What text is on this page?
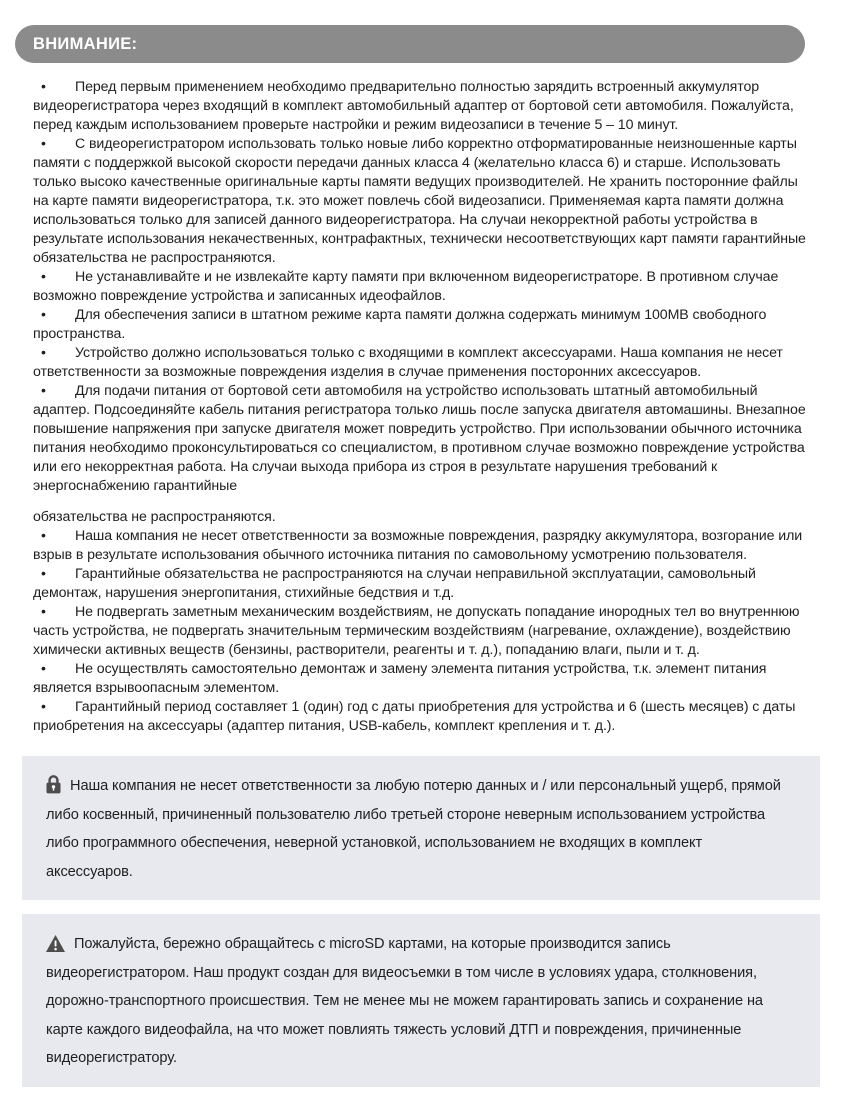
ВНИМАНИЕ:

• Перед первым применением необходимо предварительно полностью зарядить встроенный аккумулятор видеорегистратора через входящий в комплект автомобильный адаптер от бортовой сети автомобиля. Пожалуйста, перед каждым использованием проверьте настройки и режим видеозаписи в течение 5 – 10 минут.

• С видеорегистратором использовать только новые либо корректно отформатированные неизношенные карты памяти с поддержкой высокой скорости передачи данных класса 4 (желательно класса 6) и старше. Использовать только высоко качественные оригинальные карты памяти ведущих производителей. Не хранить посторонние файлы на карте памяти видеорегистратора, т.к. это может повлечь сбой видеозаписи. Применяемая карта памяти должна использоваться только для записей данного видеорегистратора. На случаи некорректной работы устройства в результате использования некачественных, контрафактных, технически несоответствующих карт памяти гарантийные обязательства не распространяются.

• Не устанавливайте и не извлекайте карту памяти при включенном видеорегистраторе. В противном случае возможно повреждение устройства и записанных идеофайлов.

• Для обеспечения записи в штатном режиме карта памяти должна содержать минимум 100MB свободного пространства.

• Устройство должно использоваться только с входящими в комплект аксессуарами. Наша компания не несет ответственности за возможные повреждения изделия в случае применения посторонних аксессуаров.

• Для подачи питания от бортовой сети автомобиля на устройство использовать штатный автомобильный адаптер. Подсоединяйте кабель питания регистратора только лишь после запуска двигателя автомашины. Внезапное повышение напряжения при запуске двигателя может повредить устройство. При использовании обычного источника питания необходимо проконсультироваться со специалистом, в противном случае возможно повреждение устройства или его некорректная работа. На случаи выхода прибора из строя в результате нарушения требований к энергоснабжению гарантийные

обязательства не распространяются.

• Наша компания не несет ответственности за возможные повреждения, разрядку аккумулятора, возгорание или взрыв в результате использования обычного источника питания по самовольному усмотрению пользователя.

• Гарантийные обязательства не распространяются на случаи неправильной эксплуатации, самовольный демонтаж, нарушения энергопитания, стихийные бедствия и т.д.

• Не подвергать заметным механическим воздействиям, не допускать попадание инородных тел во внутреннюю часть устройства, не подвергать значительным термическим воздействиям (нагревание, охлаждение), воздействию химически активных веществ (бензины, растворители, реагенты и т. д.), попаданию влаги, пыли и т. д.

• Не осуществлять самостоятельно демонтаж и замену элемента питания устройства, т.к. элемент питания является взрывоопасным элементом.

• Гарантийный период составляет 1 (один) год с даты приобретения для устройства и 6 (шесть месяцев) с даты приобретения на аксессуары (адаптер питания, USB-кабель, комплект крепления и т. д.).

Наша компания не несет ответственности за любую потерю данных и / или персональный ущерб, прямой либо косвенный, причиненный пользователю либо третьей стороне неверным использованием устройства либо программного обеспечения, неверной установкой, использованием не входящих в комплект аксессуаров.
Пожалуйста, бережно обращайтесь с microSD картами, на которые производится запись видеорегистратором. Наш продукт создан для видеосъемки в том числе в условиях удара, столкновения, дорожно-транспортного происшествия. Тем не менее мы не можем гарантировать запись и сохранение на карте каждого видеофайла, на что может повлиять тяжесть условий ДТП и повреждения, причиненные видеорегистратору.
